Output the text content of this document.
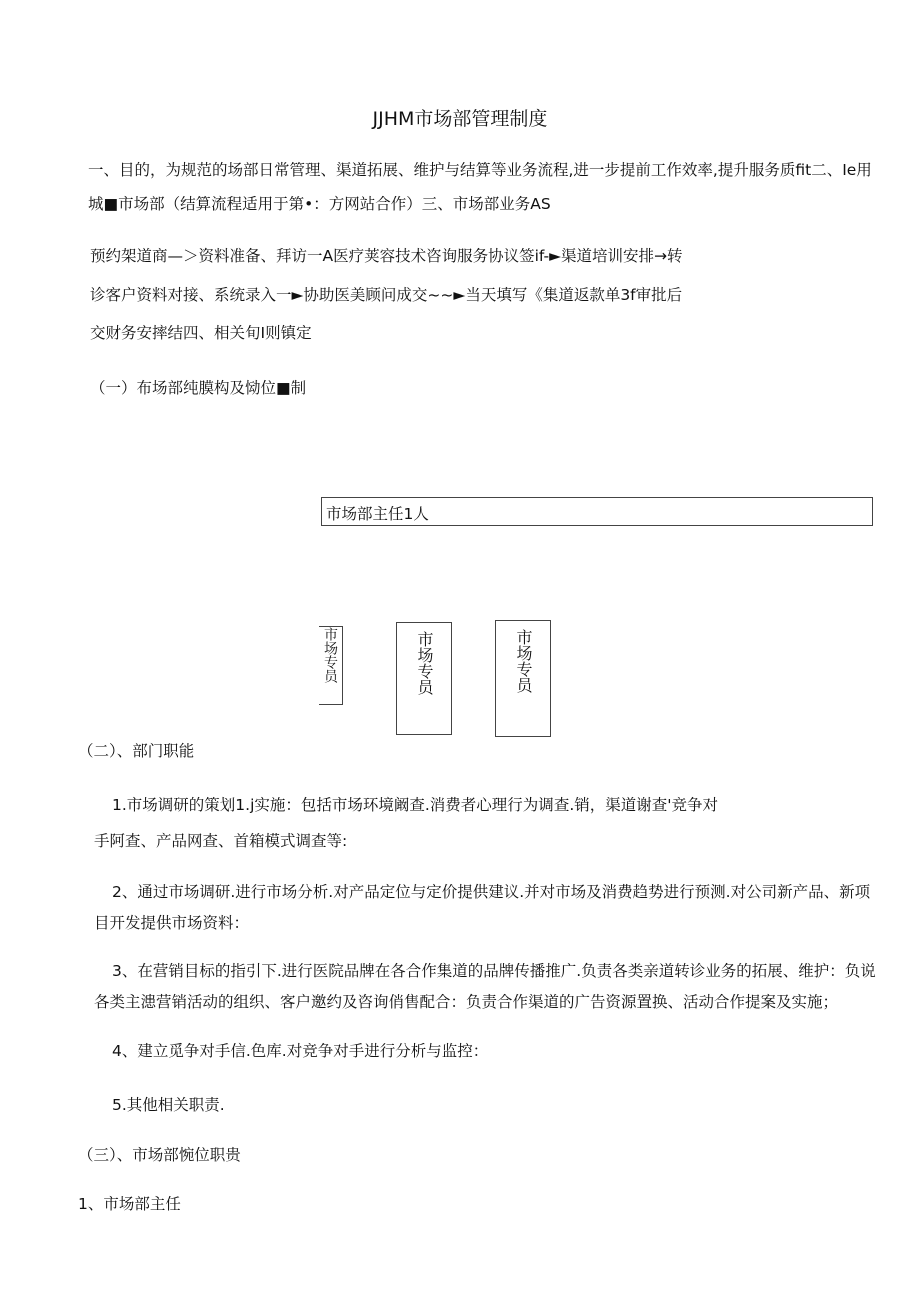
JJHM市场部管理制度
一、目的，为规范的场部日常管理、渠道拓展、维护与结算等业务流程,进一步提前工作效率,提升服务质fit二、Ie用
城■市场部（结算流程适用于第•：方网站合作）三、市场部业务AS
预约架道商—＞资料准备、拜访一A医疗荚容技术咨询服务协议签if-►渠道培训安排→转
诊客户资料对接、系统录入一►协助医美顾问成交~~►当天填写《集道返款单3f审批后
交财务安摔结四、相关旬I则镇定
（一）布场部纯膜构及恸位■制
市场部主任1人
市场专员	市场专员	市场专员
（二）、部门职能
1.市场调研的策划1.j实施：包括市场环境阚查.消费者心理行为调查.销，渠道谢查'竞争对
手阿查、产品网查、首箱模式调查等:
2、通过市场调研.进行市场分析.对产品定位与定价提供建议.并对市场及消费趋势进行预测.对公司新产品、新项
目开发提供市场资料：
3、在营销目标的指引下.进行医院品牌在各合作集道的品牌传播推广.负责各类亲道转诊业务的拓展、维护：负说
各类主漶营销活动的组织、客户邀约及咨询俏售配合：负责合作渠道的广告资源置换、活动合作提案及实施；
4、建立觅争对手信.色库.对竞争对手进行分析与监控：
5.其他相关职责.
（三）、市场部惋位职贵
1、市场部主任
